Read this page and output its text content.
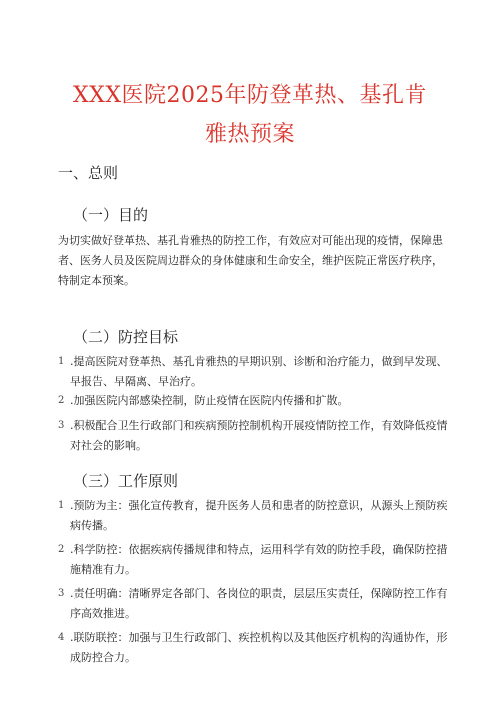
XXX医院2025年防登革热、基孔肯
雅热预案
一、总则
（一）目的
为切实做好登革热、基孔肯雅热的防控工作，有效应对可能出现的疫情，保障患者、医务人员及医院周边群众的身体健康和生命安全，维护医院正常医疗秩序，特制定本预案。
（二）防控目标
1 .提高医院对登革热、基孔肯雅热的早期识别、诊断和治疗能力，做到早发现、早报告、早隔离、早治疗。
2 .加强医院内部感染控制，防止疫情在医院内传播和扩散。
3 .积极配合卫生行政部门和疾病预防控制机构开展疫情防控工作，有效降低疫情对社会的影响。
（三）工作原则
1 .预防为主：强化宣传教育，提升医务人员和患者的防控意识，从源头上预防疾病传播。
2 .科学防控：依据疾病传播规律和特点，运用科学有效的防控手段，确保防控措施精准有力。
3 .责任明确：清晰界定各部门、各岗位的职责，层层压实责任，保障防控工作有序高效推进。
4 .联防联控：加强与卫生行政部门、疾控机构以及其他医疗机构的沟通协作，形成防控合力。
